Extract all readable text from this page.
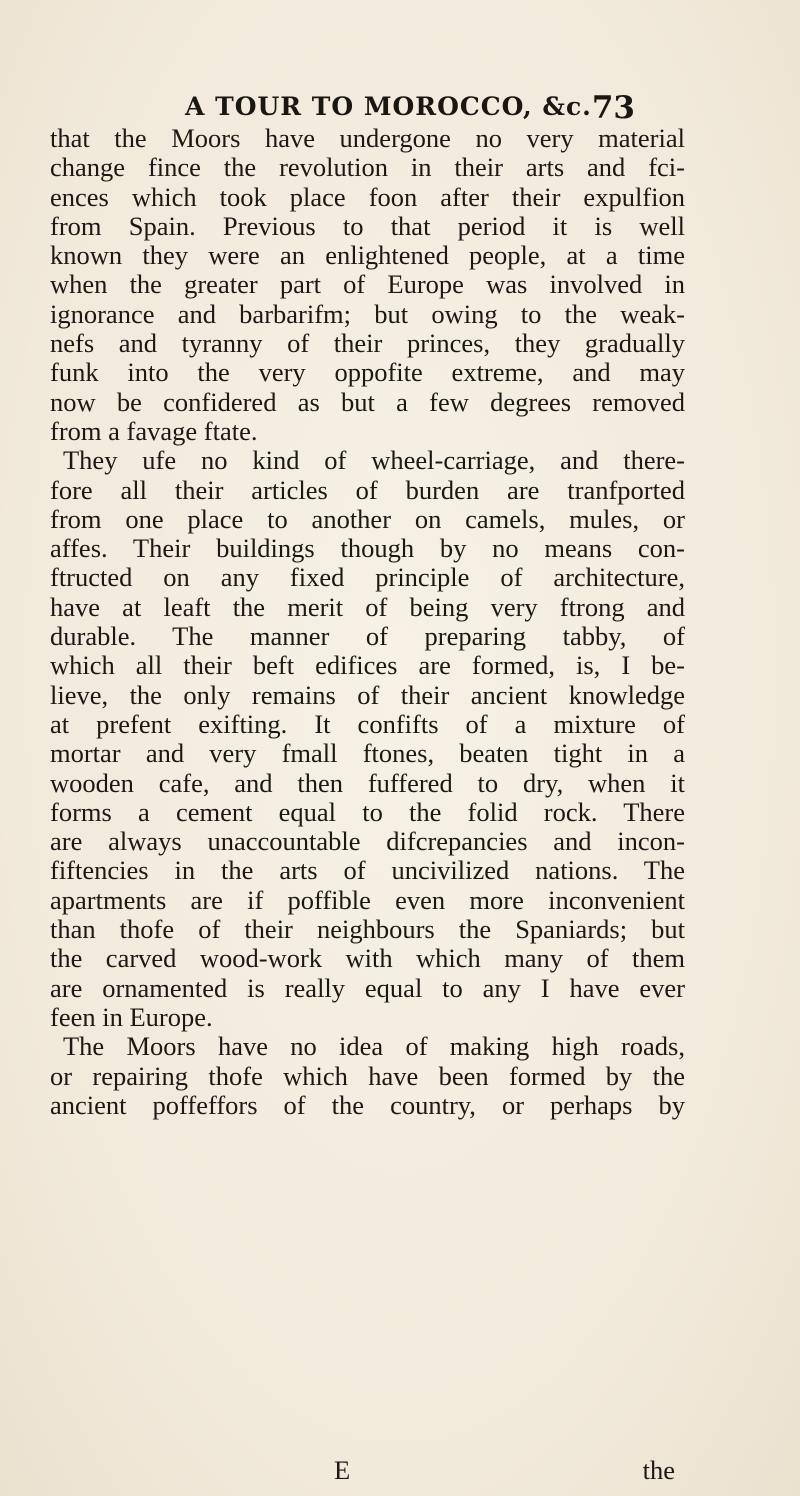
A TOUR TO MOROCCO, &c. 73
that the Moors have undergone no very material
change fince the revolution in their arts and fci-
ences which took place foon after their expulfion
from Spain. Previous to that period it is well
known they were an enlightened people, at a time
when the greater part of Europe was involved in
ignorance and barbarifm; but owing to the weak-
nefs and tyranny of their princes, they gradually
funk into the very oppofite extreme, and may
now be confidered as but a few degrees removed
from a favage ftate.
They ufe no kind of wheel-carriage, and there-
fore all their articles of burden are tranfported
from one place to another on camels, mules, or
affes. Their buildings though by no means con-
ftructed on any fixed principle of architecture,
have at leaft the merit of being very ftrong and
durable. The manner of preparing tabby, of
which all their beft edifices are formed, is, I be-
lieve, the only remains of their ancient knowledge
at prefent exifting. It confifts of a mixture of
mortar and very fmall ftones, beaten tight in a
wooden cafe, and then fuffered to dry, when it
forms a cement equal to the folid rock. There
are always unaccountable difcrepancies and incon-
fiftencies in the arts of uncivilized nations. The
apartments are if poffible even more inconvenient
than thofe of their neighbours the Spaniards; but
the carved wood-work with which many of them
are ornamented is really equal to any I have ever
feen in Europe.
The Moors have no idea of making high roads,
or repairing thofe which have been formed by the
ancient poffeffors of the country, or perhaps by
E	the
